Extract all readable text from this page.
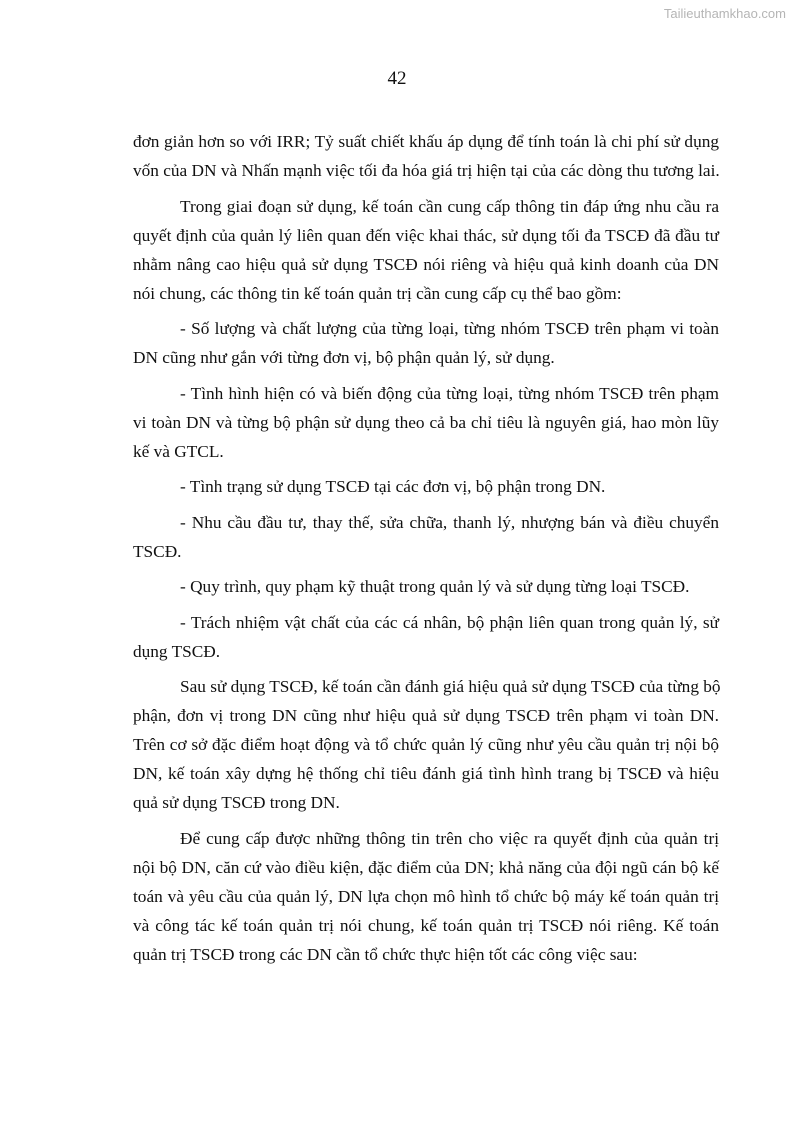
Tailieuthamkhao.com
42
đơn giản hơn so với IRR; Tỷ suất chiết khấu áp dụng để tính toán là chi phí sử dụng
vốn của DN và Nhấn mạnh việc tối đa hóa giá trị hiện tại của các dòng thu tương lai.
Trong giai đoạn sử dụng, kế toán cần cung cấp thông tin đáp ứng nhu cầu ra
quyết định của quản lý liên quan đến việc khai thác, sử dụng tối đa TSCĐ đã đầu tư
nhằm nâng cao hiệu quả sử dụng TSCĐ nói riêng và hiệu quả kinh doanh của DN
nói chung, các thông tin kế toán quản trị cần cung cấp cụ thể bao gồm:
- Số lượng và chất lượng của từng loại, từng nhóm TSCĐ trên phạm vi toàn
DN cũng như gắn với từng đơn vị, bộ phận quản lý, sử dụng.
- Tình hình hiện có và biến động của từng loại, từng nhóm TSCĐ trên phạm
vi toàn DN và từng bộ phận sử dụng theo cả ba chỉ tiêu là nguyên giá, hao mòn lũy
kế và GTCL.
- Tình trạng sử dụng TSCĐ tại các đơn vị, bộ phận trong DN.
- Nhu cầu đầu tư, thay thế, sửa chữa, thanh lý, nhượng bán và điều chuyển
TSCĐ.
- Quy trình, quy phạm kỹ thuật trong quản lý và sử dụng từng loại TSCĐ.
- Trách nhiệm vật chất của các cá nhân, bộ phận liên quan trong quản lý, sử
dụng TSCĐ.
Sau sử dụng TSCĐ, kế toán cần đánh giá hiệu quả sử dụng TSCĐ của từng bộ
phận, đơn vị trong DN cũng như hiệu quả sử dụng TSCĐ trên phạm vi toàn DN.
Trên cơ sở đặc điểm hoạt động và tổ chức quản lý cũng như yêu cầu quản trị nội bộ
DN, kế toán xây dựng hệ thống chỉ tiêu đánh giá tình hình trang bị TSCĐ và hiệu
quả sử dụng TSCĐ trong DN.
Để cung cấp được những thông tin trên cho việc ra quyết định của quản trị
nội bộ DN, căn cứ vào điều kiện, đặc điểm của DN; khả năng của đội ngũ cán bộ kế
toán và yêu cầu của quản lý, DN lựa chọn mô hình tổ chức bộ máy kế toán quản trị
và công tác kế toán quản trị nói chung, kế toán quản trị TSCĐ nói riêng. Kế toán
quản trị TSCĐ trong các DN cần tổ chức thực hiện tốt các công việc sau:
